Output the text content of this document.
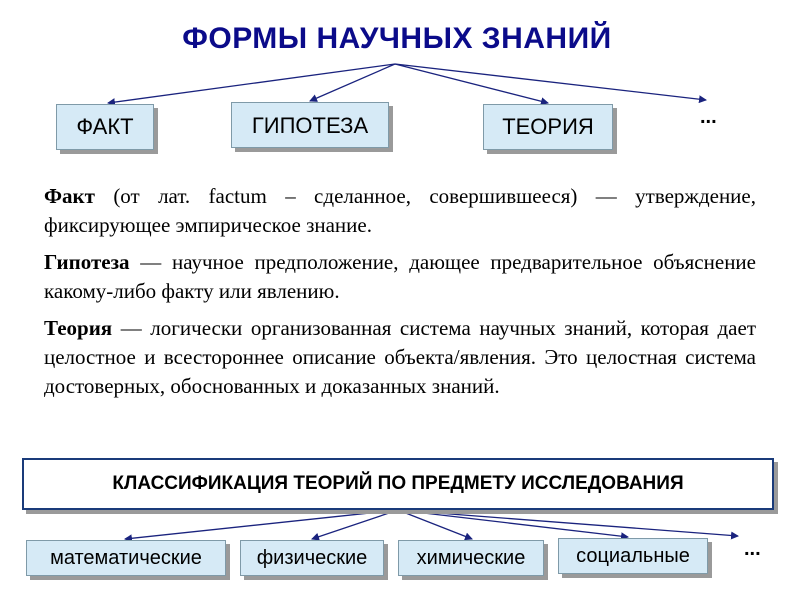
ФОРМЫ НАУЧНЫХ ЗНАНИЙ
ФАКТ	ГИПОТЕЗА	ТЕОРИЯ	...

Факт (от лат. factum – сделанное, совершившееся) — утверждение, фиксирующее эмпирическое знание.

Гипотеза — научное предположение, дающее предварительное объяснение какому-либо факту или явлению.

Теория — логически организованная система научных знаний, которая дает целостное и всестороннее описание объекта/явления. Это целостная система достоверных, обоснованных и доказанных знаний.

КЛАССИФИКАЦИЯ ТЕОРИЙ ПО ПРЕДМЕТУ ИССЛЕДОВАНИЯ
математические	физические химические	социальные	...
